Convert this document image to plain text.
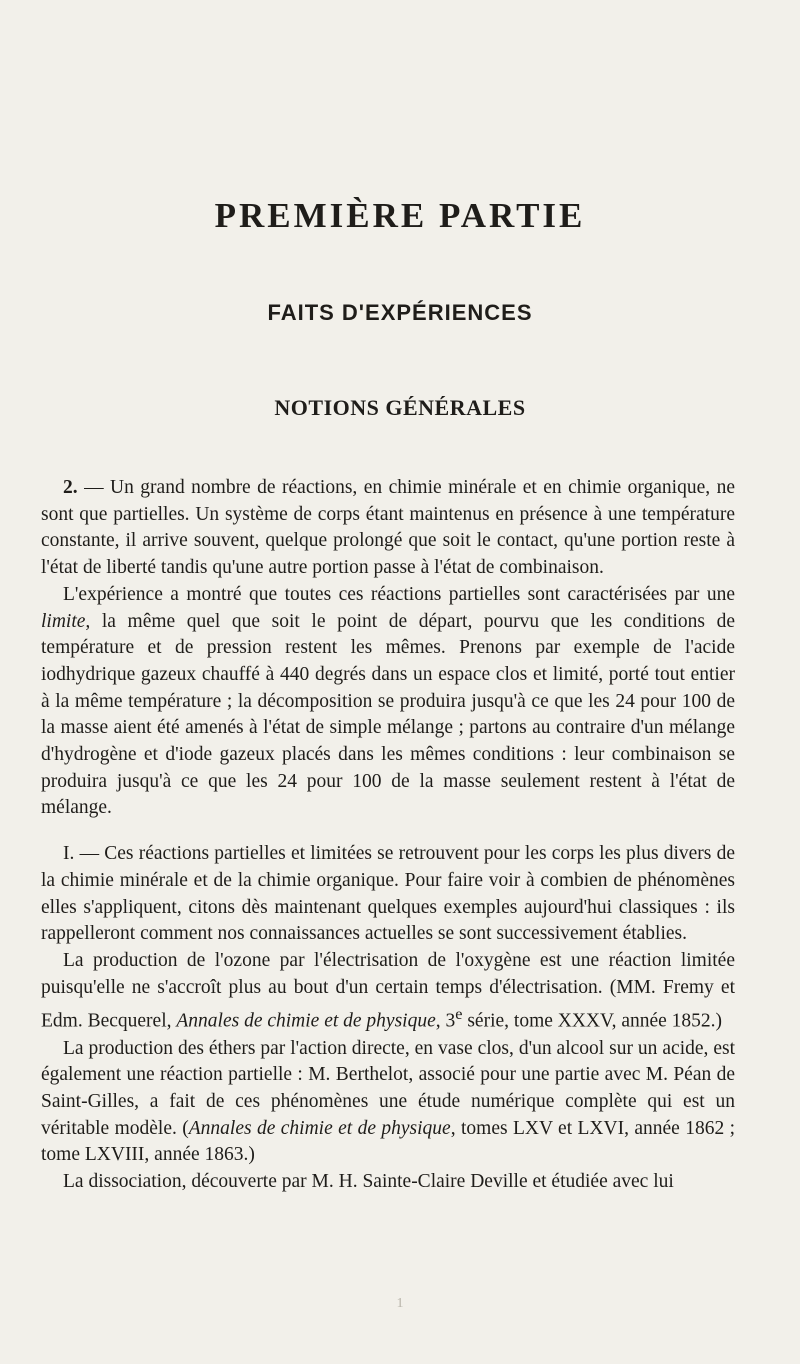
PREMIÈRE PARTIE
FAITS D'EXPÉRIENCES
NOTIONS GÉNÉRALES

2. — Un grand nombre de réactions, en chimie minérale et en chimie organique, ne sont que partielles. Un système de corps étant maintenus en présence à une température constante, il arrive souvent, quelque prolongé que soit le contact, qu'une portion reste à l'état de liberté tandis qu'une autre portion passe à l'état de combinaison.

L'expérience a montré que toutes ces réactions partielles sont caractérisées par une limite, la même quel que soit le point de départ, pourvu que les conditions de température et de pression restent les mêmes. Prenons par exemple de l'acide iodhydrique gazeux chauffé à 440 degrés dans un espace clos et limité, porté tout entier à la même température ; la décomposition se produira jusqu'à ce que les 24 pour 100 de la masse aient été amenés à l'état de simple mélange ; partons au contraire d'un mélange d'hydrogène et d'iode gazeux placés dans les mêmes conditions : leur combinaison se produira jusqu'à ce que les 24 pour 100 de la masse seulement restent à l'état de mélange.

I. — Ces réactions partielles et limitées se retrouvent pour les corps les plus divers de la chimie minérale et de la chimie organique. Pour faire voir à combien de phénomènes elles s'appliquent, citons dès maintenant quelques exemples aujourd'hui classiques : ils rappelleront comment nos connaissances actuelles se sont successivement établies.

La production de l'ozone par l'électrisation de l'oxygène est une réaction limitée puisqu'elle ne s'accroît plus au bout d'un certain temps d'électrisation. (MM. Fremy et Edm. Becquerel, Annales de chimie et de physique, 3e série, tome XXXV, année 1852.)

La production des éthers par l'action directe, en vase clos, d'un alcool sur un acide, est également une réaction partielle : M. Berthelot, associé pour une partie avec M. Péan de Saint-Gilles, a fait de ces phénomènes une étude numérique complète qui est un véritable modèle. (Annales de chimie et de physique, tomes LXV et LXVI, année 1862 ; tome LXVIII, année 1863.)

La dissociation, découverte par M. H. Sainte-Claire Deville et étudiée avec lui

1
